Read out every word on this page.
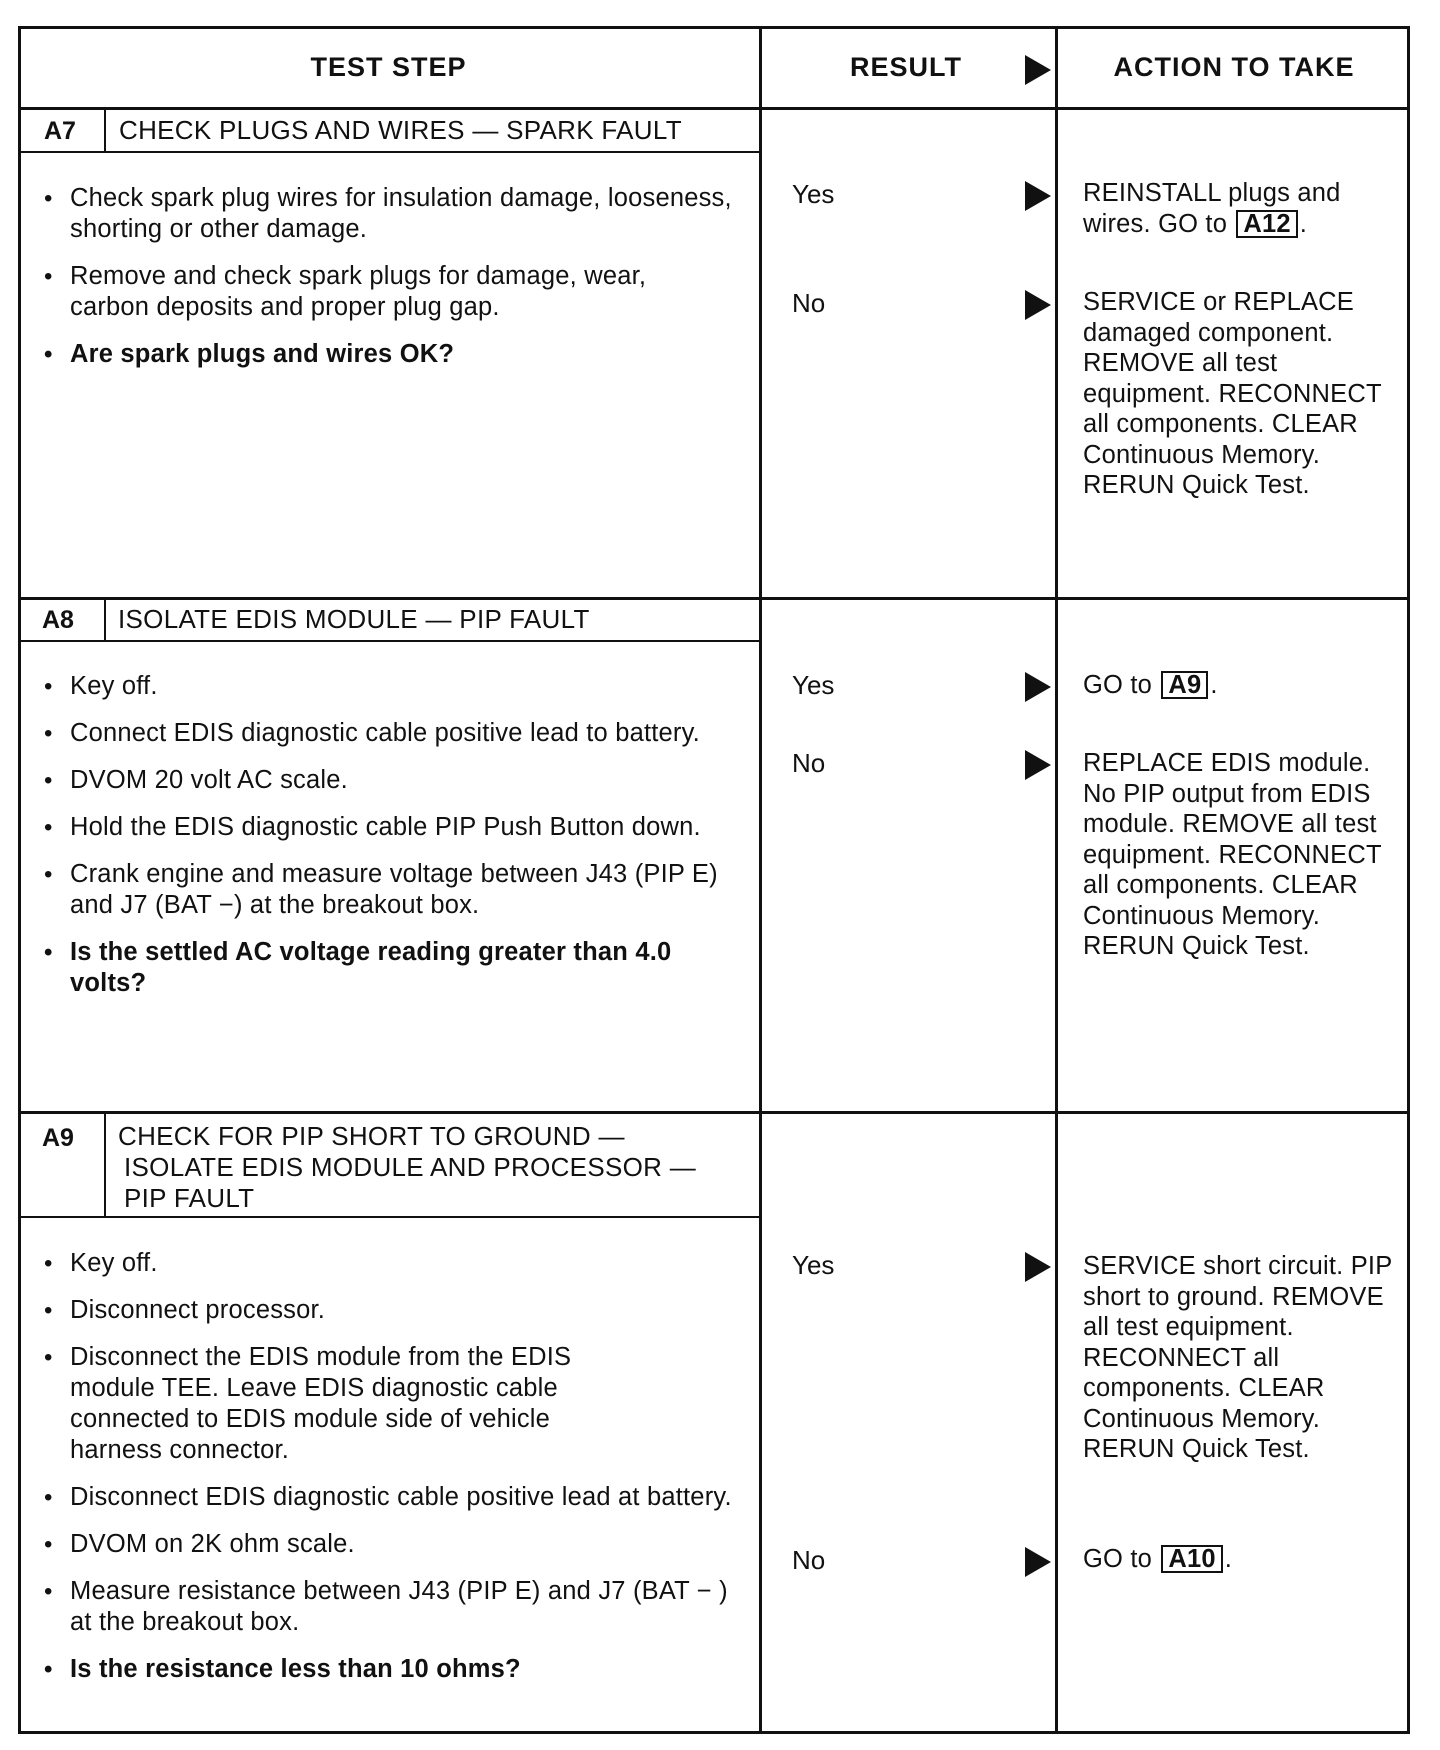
TEST STEP	RESULT	ACTION TO TAKE
A7 CHECK PLUGS AND WIRES — SPARK FAULT
• Check spark plug wires for insulation damage, looseness, shorting or other damage.
• Remove and check spark plugs for damage, wear, carbon deposits and proper plug gap.
• Are spark plugs and wires OK?
Yes	REINSTALL plugs and wires. GO to A12 .
No	SERVICE or REPLACE damaged component. REMOVE all test equipment. RECONNECT all components. CLEAR Continuous Memory. RERUN Quick Test.
A8 ISOLATE EDIS MODULE — PIP FAULT
• Key off.
• Connect EDIS diagnostic cable positive lead to battery.
• DVOM 20 volt AC scale.
• Hold the EDIS diagnostic cable PIP Push Button down.
• Crank engine and measure voltage between J43 (PIP E) and J7 (BAT −) at the breakout box.
• Is the settled AC voltage reading greater than 4.0 volts?
Yes	GO to A9 .
No	REPLACE EDIS module. No PIP output from EDIS module. REMOVE all test equipment. RECONNECT all components. CLEAR Continuous Memory. RERUN Quick Test.
A9 CHECK FOR PIP SHORT TO GROUND —
ISOLATE EDIS MODULE AND PROCESSOR —
PIP FAULT
• Key off.
• Disconnect processor.
• Disconnect the EDIS module from the EDIS module TEE. Leave EDIS diagnostic cable connected to EDIS module side of vehicle harness connector.
• Disconnect EDIS diagnostic cable positive lead at battery.
• DVOM on 2K ohm scale.
• Measure resistance between J43 (PIP E) and J7 (BAT − ) at the breakout box.
• Is the resistance less than 10 ohms?
Yes	SERVICE short circuit. PIP short to ground. REMOVE all test equipment. RECONNECT all components. CLEAR Continuous Memory. RERUN Quick Test.
No	GO to A10 .
